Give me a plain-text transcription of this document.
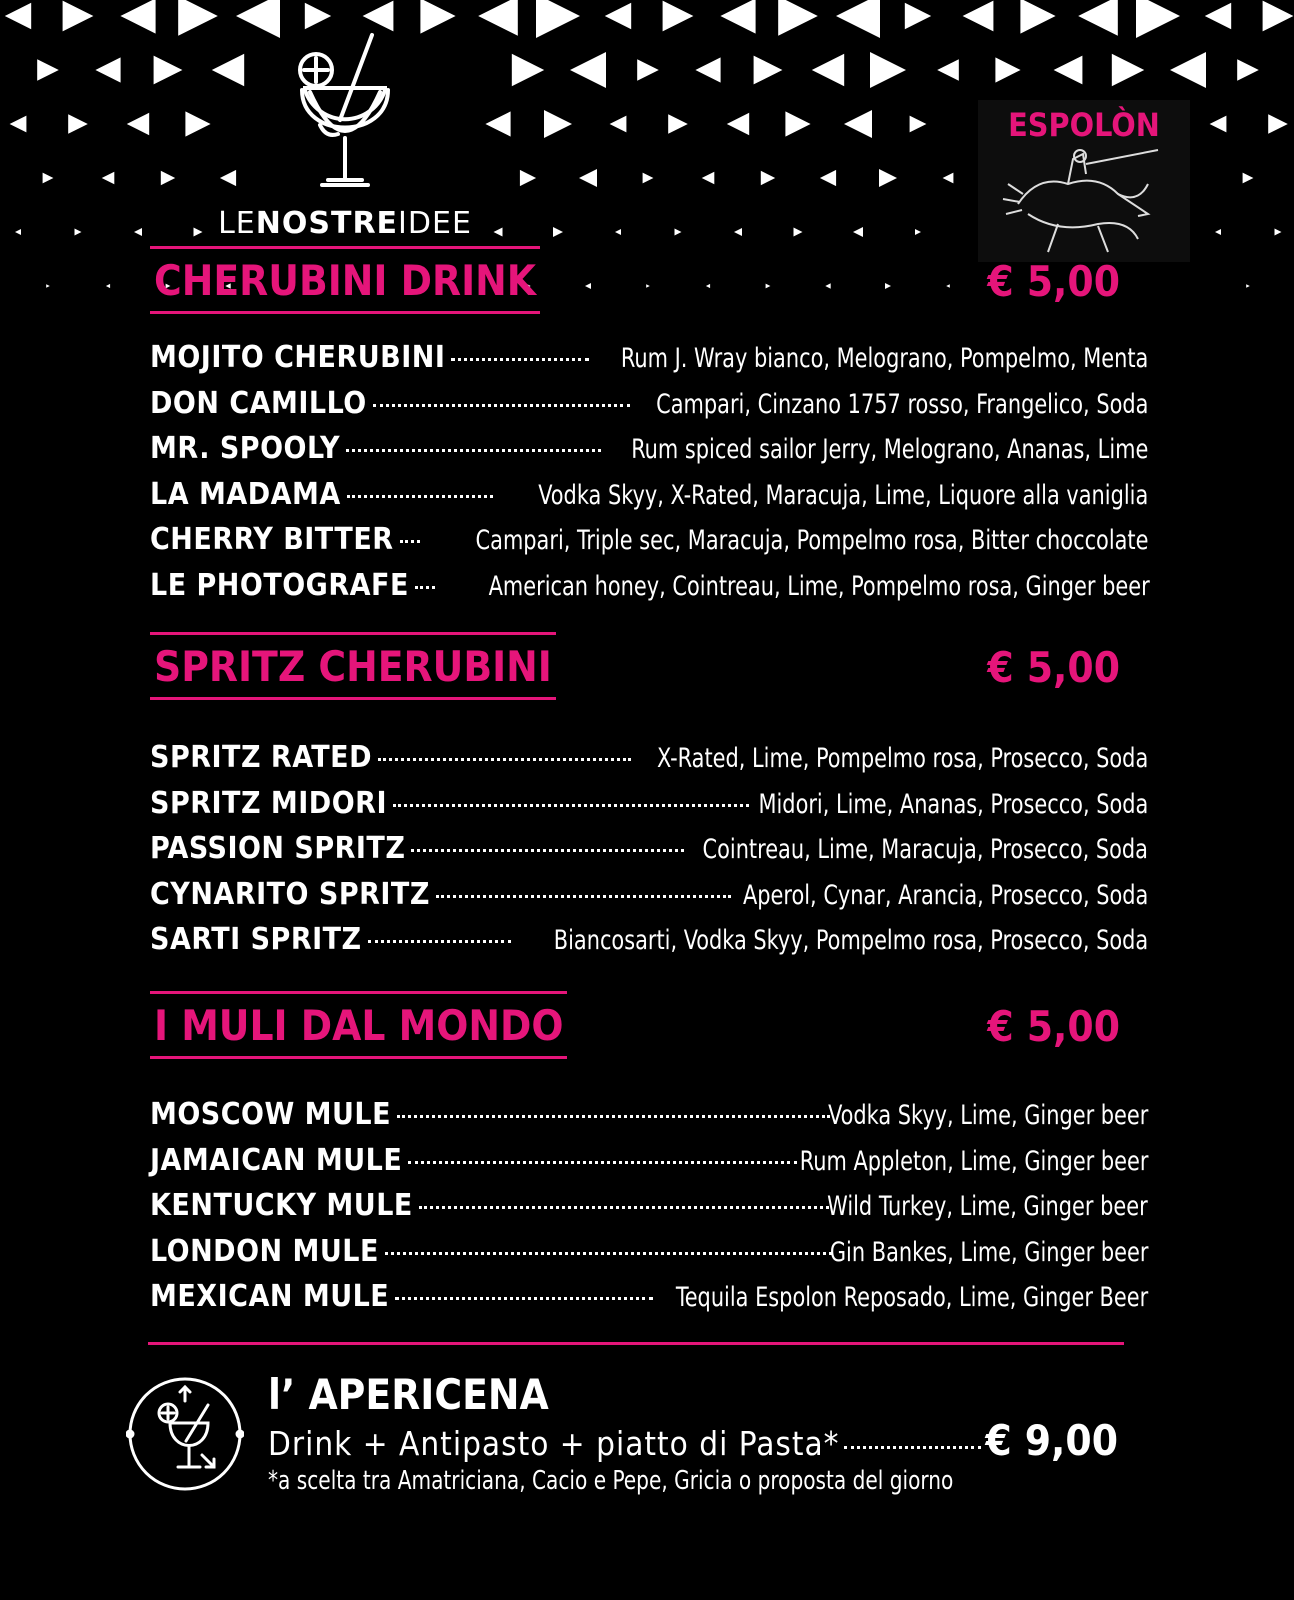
LENOSTREIDEE
ESPOLÒN
CHERUBINI DRINK	€ 5,00
MOJITO CHERUBINI	Rum J. Wray bianco, Melograno, Pompelmo, Menta
DON CAMILLO	Campari, Cinzano 1757 rosso, Frangelico, Soda
MR. SPOOLY	Rum spiced sailor Jerry, Melograno, Ananas, Lime
LA MADAMA	Vodka Skyy, X-Rated, Maracuja, Lime, Liquore alla vaniglia
CHERRY BITTER	Campari, Triple sec, Maracuja, Pompelmo rosa, Bitter choccolate
LE PHOTOGRAFE	American honey, Cointreau, Lime, Pompelmo rosa, Ginger beer
SPRITZ CHERUBINI	€ 5,00
SPRITZ RATED	X-Rated, Lime, Pompelmo rosa, Prosecco, Soda
SPRITZ MIDORI	Midori, Lime, Ananas, Prosecco, Soda
PASSION SPRITZ	Cointreau, Lime, Maracuja, Prosecco, Soda
CYNARITO SPRITZ	Aperol, Cynar, Arancia, Prosecco, Soda
SARTI SPRITZ	Biancosarti, Vodka Skyy, Pompelmo rosa, Prosecco, Soda
I MULI DAL MONDO	€ 5,00
MOSCOW MULE	Vodka Skyy, Lime, Ginger beer
JAMAICAN MULE	Rum Appleton, Lime, Ginger beer
KENTUCKY MULE	Wild Turkey, Lime, Ginger beer
LONDON MULE	Gin Bankes, Lime, Ginger beer
MEXICAN MULE	Tequila Espolon Reposado, Lime, Ginger Beer
l’ APERICENA
Drink + Antipasto + piatto di Pasta*	€ 9,00
*a scelta tra Amatriciana, Cacio e Pepe, Gricia o proposta del giorno
